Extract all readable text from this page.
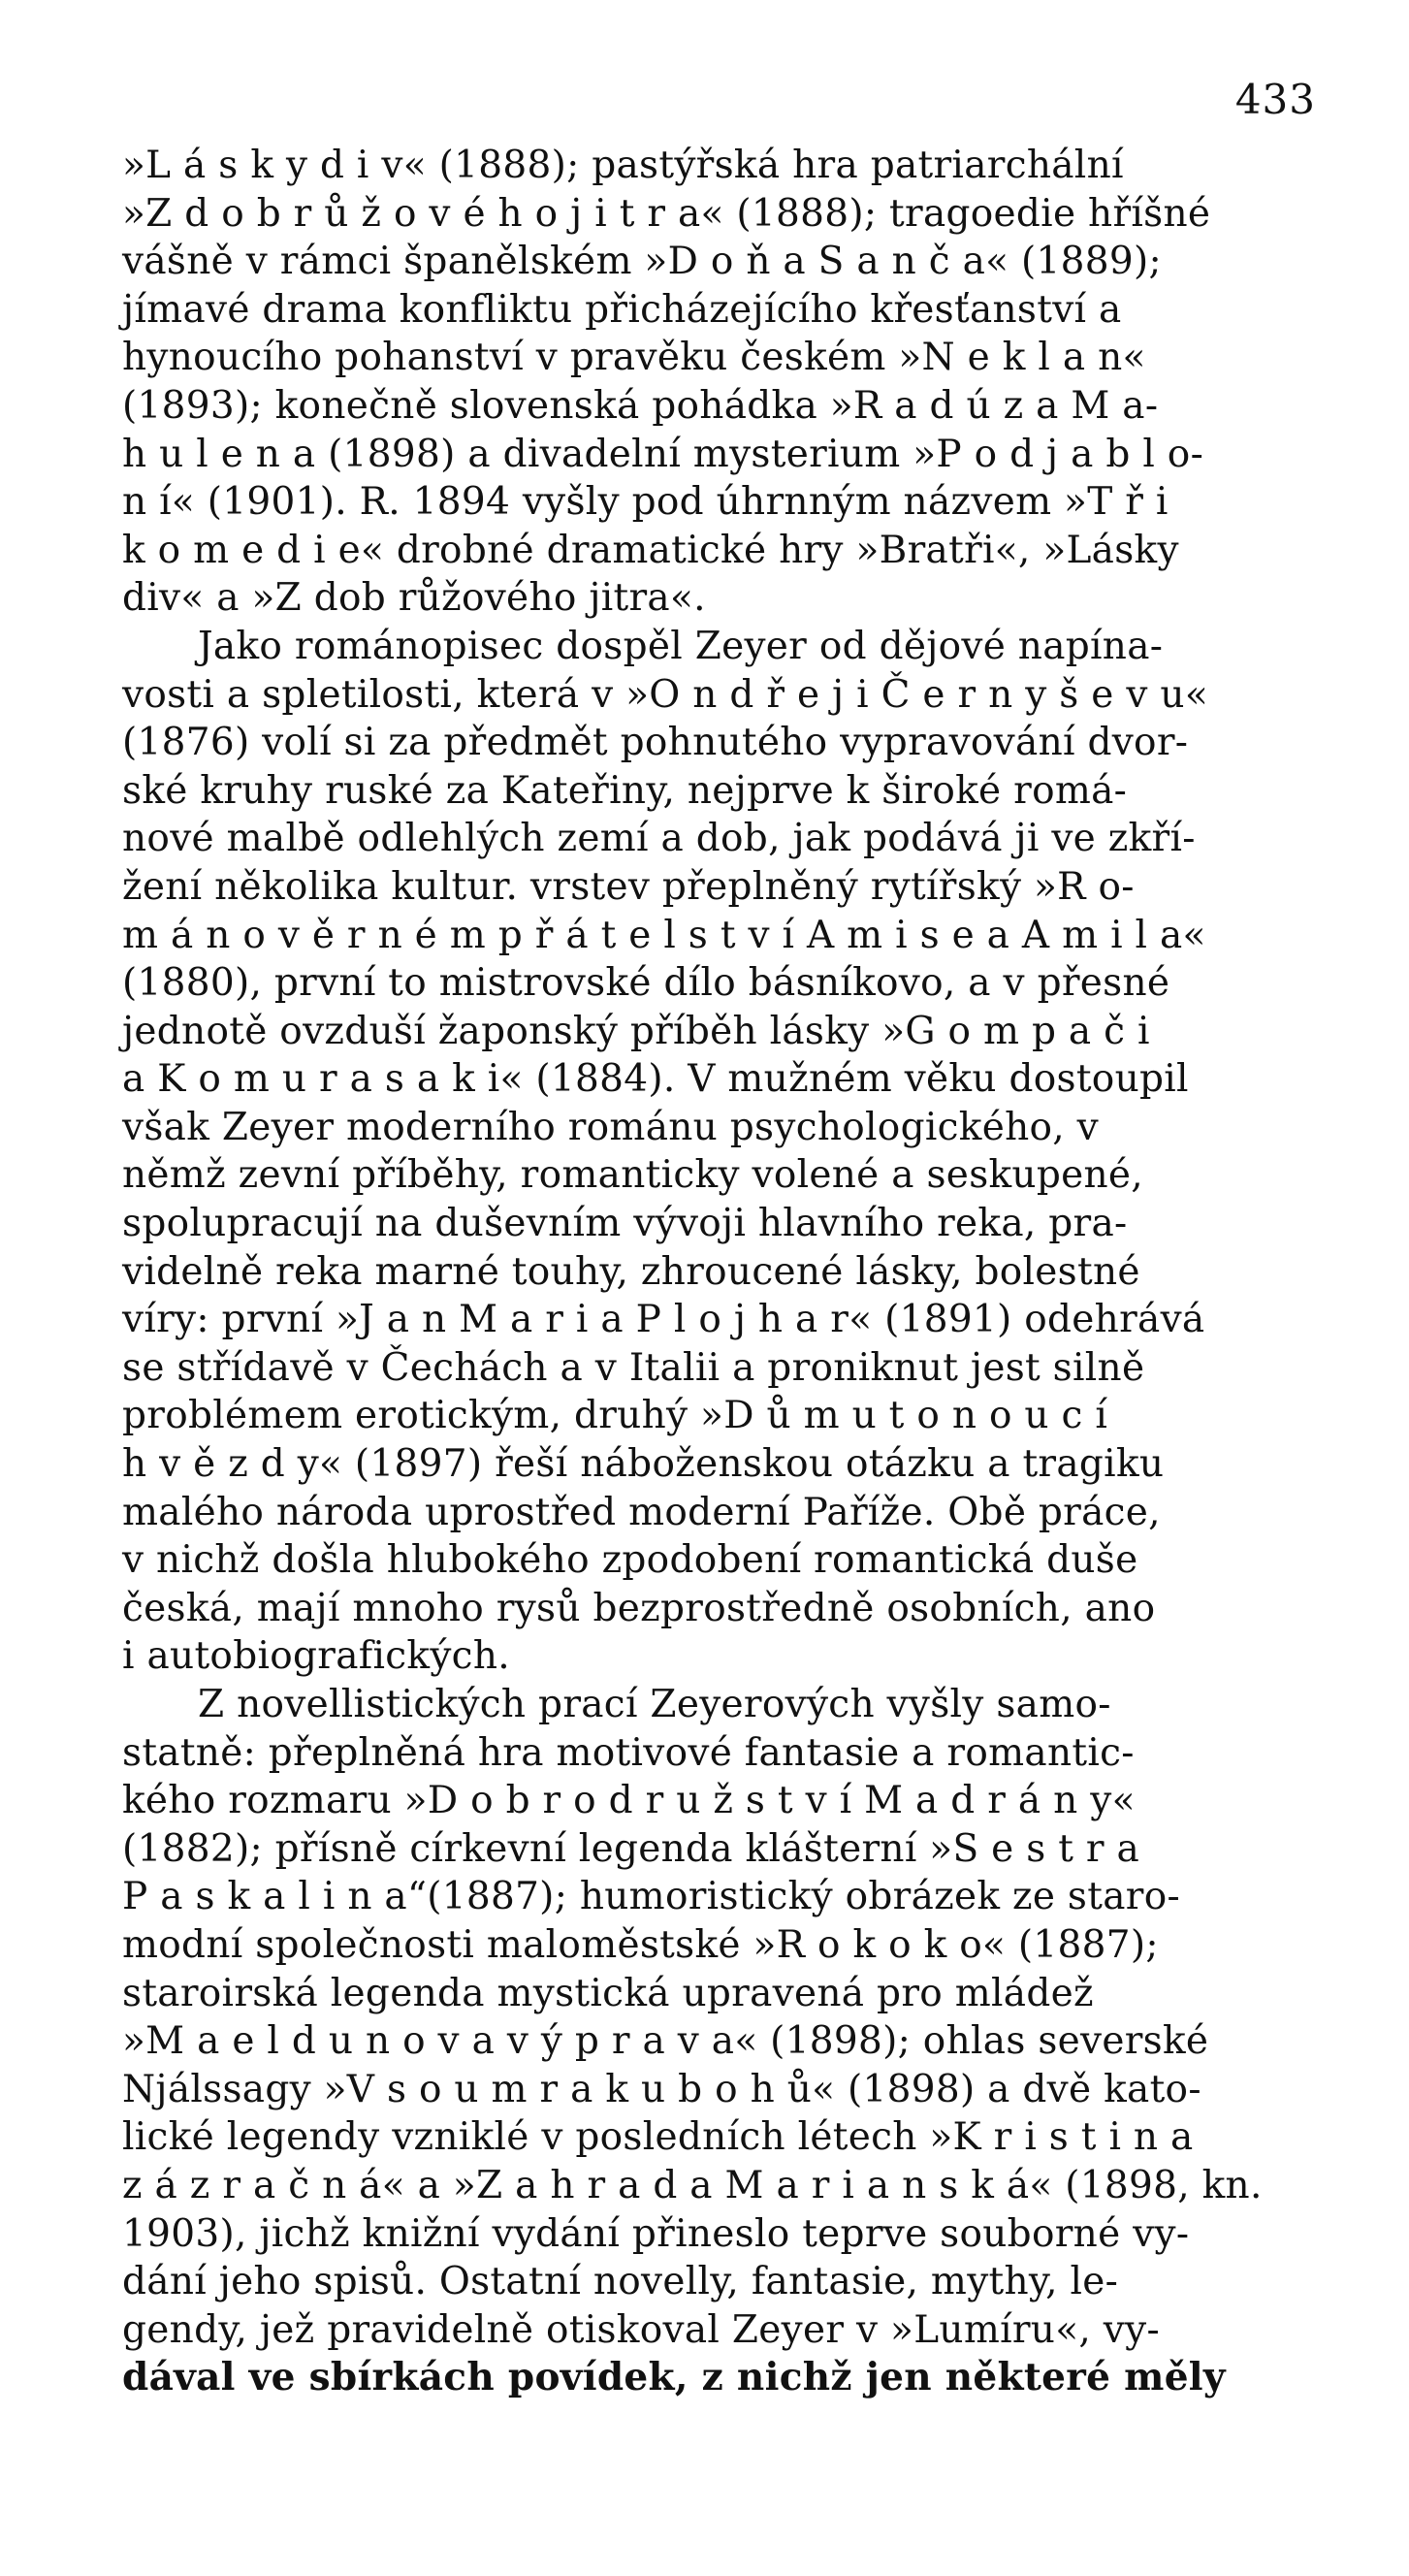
433
»L á s k y d i v« (1888); pastýřská hra patriarchální
»Z d o b r ů ž o v é h o j i t r a« (1888); tragoedie hříšné
vášně v rámci španělském »D o ň a S a n č a« (1889);
jímavé drama konfliktu přicházejícího křesťanství a
hynoucího pohanství v pravěku českém »N e k l a n«
(1893); konečně slovenská pohádka »R a d ú z a M a-
h u l e n a (1898) a divadelní mysterium »P o d j a b l o-
n í« (1901). R. 1894 vyšly pod úhrnným názvem »T ř i
k o m e d i e« drobné dramatické hry »Bratři«, »Lásky
div« a »Z dob růžového jitra«.
Jako románopisec dospěl Zeyer od dějové napína-
vosti a spletilosti, která v »O n d ř e j i Č e r n y š e v u«
(1876) volí si za předmět pohnutého vypravování dvor-
ské kruhy ruské za Kateřiny, nejprve k široké romá-
nové malbě odlehlých zemí a dob, jak podává ji ve zkří-
žení několika kultur. vrstev přeplněný rytířský »R o-
m á n o v ě r n é m p ř á t e l s t v í A m i s e a A m i l a«
(1880), první to mistrovské dílo básníkovo, a v přesné
jednotě ovzduší žaponský příběh lásky »G o m p a č i
a K o m u r a s a k i« (1884). V mužném věku dostoupil
však Zeyer moderního románu psychologického, v
němž zevní příběhy, romanticky volené a seskupené,
spolupracují na duševním vývoji hlavního reka, pra-
videlně reka marné touhy, zhroucené lásky, bolestné
víry: první »J a n M a r i a P l o j h a r« (1891) odehrává
se střídavě v Čechách a v Italii a proniknut jest silně
problémem erotickým, druhý »D ů m u t o n o u c í
h v ě z d y« (1897) řeší náboženskou otázku a tragiku
malého národa uprostřed moderní Paříže. Obě práce,
v nichž došla hlubokého zpodobení romantická duše
česká, mají mnoho rysů bezprostředně osobních, ano
i autobiografických.
Z novellistických prací Zeyerových vyšly samo-
statně: přeplněná hra motivové fantasie a romantic-
kého rozmaru »D o b r o d r u ž s t v í M a d r á n y«
(1882); přísně církevní legenda klášterní »S e s t r a
P a s k a l i n a“(1887); humoristický obrázek ze staro-
modní společnosti maloměstské »R o k o k o« (1887);
staroirská legenda mystická upravená pro mládež
»M a e l d u n o v a v ý p r a v a« (1898); ohlas severské
Njálssagy »V s o u m r a k u b o h ů« (1898) a dvě kato-
lické legendy vzniklé v posledních létech »K r i s t i n a
z á z r a č n á« a »Z a h r a d a M a r i a n s k á« (1898, kn.
1903), jichž knižní vydání přineslo teprve souborné vy-
dání jeho spisů. Ostatní novelly, fantasie, mythy, le-
gendy, jež pravidelně otiskoval Zeyer v »Lumíru«, vy-
dával ve sbírkách povídek, z nichž jen některé měly
